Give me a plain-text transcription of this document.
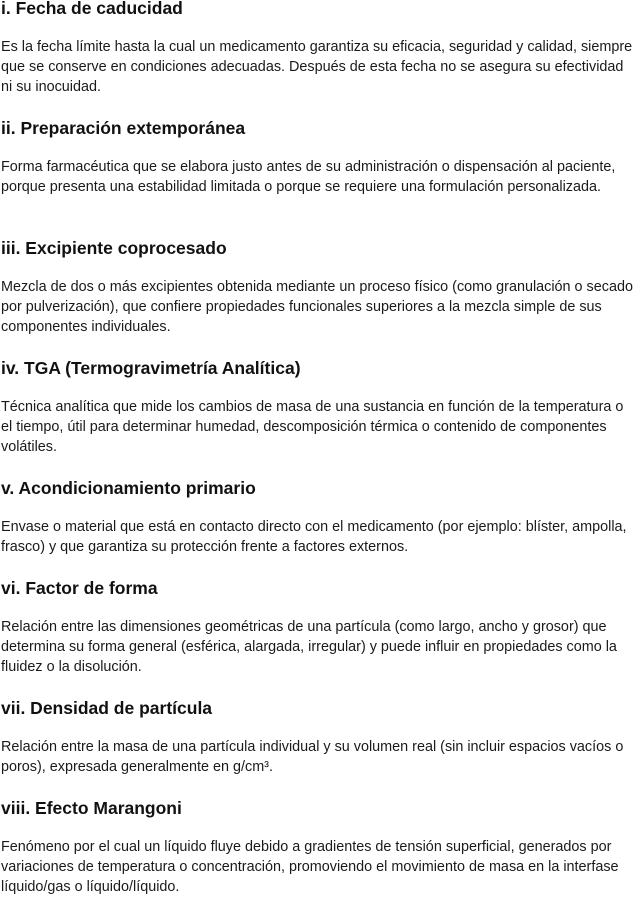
i. Fecha de caducidad

Es la fecha límite hasta la cual un medicamento garantiza su eficacia, seguridad y calidad, siempre que se conserve en condiciones adecuadas. Después de esta fecha no se asegura su efectividad ni su inocuidad.

ii. Preparación extemporánea

Forma farmacéutica que se elabora justo antes de su administración o dispensación al paciente, porque presenta una estabilidad limitada o porque se requiere una formulación personalizada.

iii. Excipiente coprocesado

Mezcla de dos o más excipientes obtenida mediante un proceso físico (como granulación o secado por pulverización), que confiere propiedades funcionales superiores a la mezcla simple de sus componentes individuales.

iv. TGA (Termogravimetría Analítica)

Técnica analítica que mide los cambios de masa de una sustancia en función de la temperatura o el tiempo, útil para determinar humedad, descomposición térmica o contenido de componentes volátiles.

v. Acondicionamiento primario

Envase o material que está en contacto directo con el medicamento (por ejemplo: blíster, ampolla, frasco) y que garantiza su protección frente a factores externos.

vi. Factor de forma

Relación entre las dimensiones geométricas de una partícula (como largo, ancho y grosor) que determina su forma general (esférica, alargada, irregular) y puede influir en propiedades como la fluidez o la disolución.

vii. Densidad de partícula

Relación entre la masa de una partícula individual y su volumen real (sin incluir espacios vacíos o poros), expresada generalmente en g/cm³.

viii. Efecto Marangoni

Fenómeno por el cual un líquido fluye debido a gradientes de tensión superficial, generados por variaciones de temperatura o concentración, promoviendo el movimiento de masa en la interfase líquido/gas o líquido/líquido.
